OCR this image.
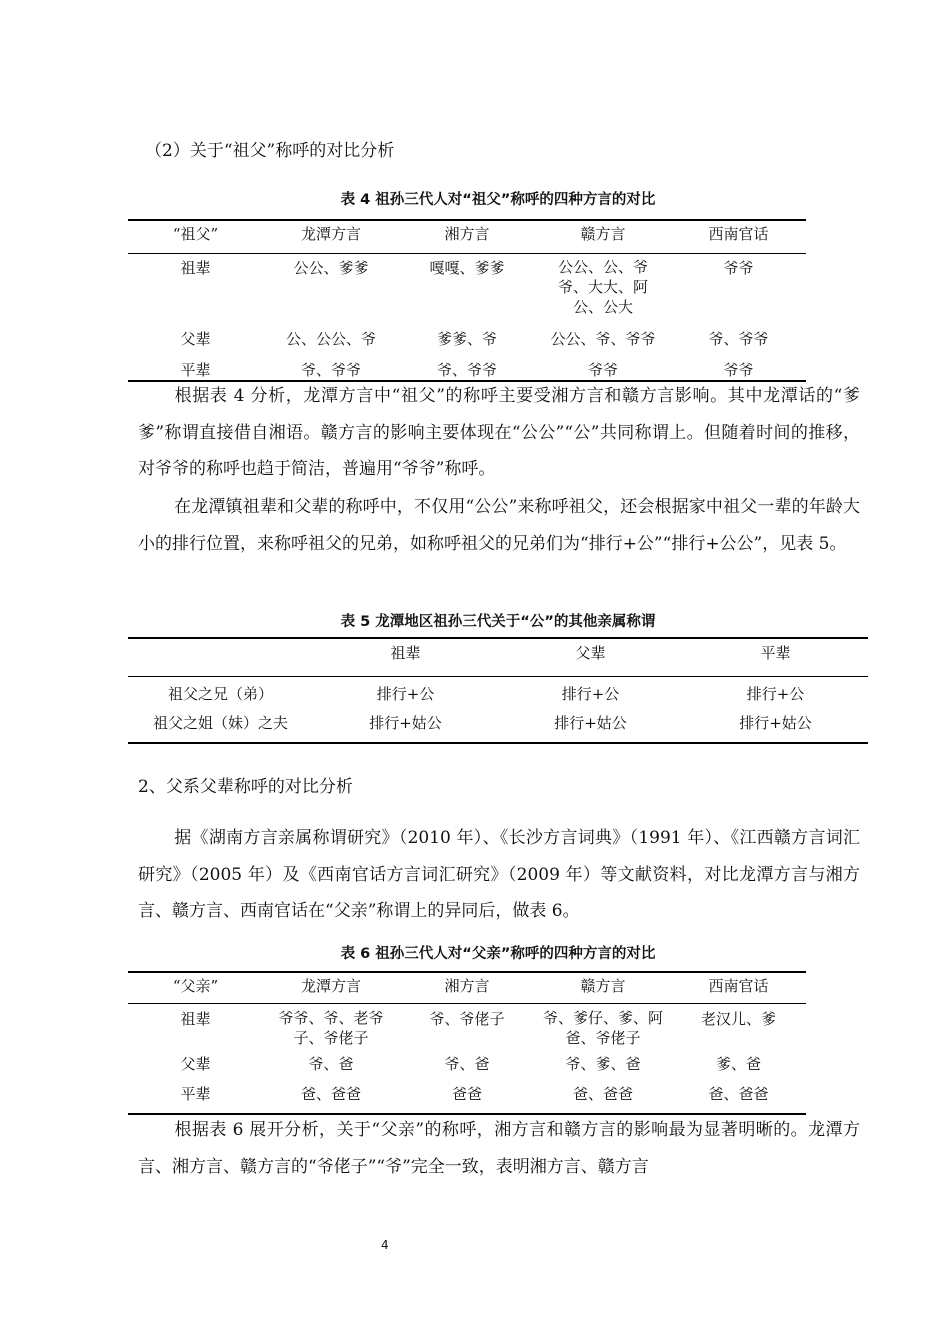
（2）关于“祖父”称呼的对比分析
表 4 祖孙三代人对“祖父”称呼的四种方言的对比
“祖父”	龙潭方言	湘方言	赣方言	西南官话
祖辈	公公、爹爹	嘎嘎、爹爹	公公、公、爷爷、大大、阿公、公大	爷爷
父辈	公、公公、爷	爹爹、爷	公公、爷、爷爷	爷、爷爷
平辈	爷、爷爷	爷、爷爷	爷爷	爷爷
根据表 4 分析，龙潭方言中“祖父”的称呼主要受湘方言和赣方言影响。其中龙潭话的“爹爹”称谓直接借自湘语。赣方言的影响主要体现在“公公”“公”共同称谓上。但随着时间的推移，对爷爷的称呼也趋于简洁，普遍用“爷爷”称呼。
在龙潭镇祖辈和父辈的称呼中，不仅用“公公”来称呼祖父，还会根据家中祖父一辈的年龄大小的排行位置，来称呼祖父的兄弟，如称呼祖父的兄弟们为“排行+公”“排行+公公”，见表 5。
表 5 龙潭地区祖孙三代关于“公”的其他亲属称谓
	祖辈	父辈	平辈
祖父之兄（弟）	排行+公	排行+公	排行+公
祖父之姐（妹）之夫	排行+姑公	排行+姑公	排行+姑公
2、父系父辈称呼的对比分析
据《湖南方言亲属称谓研究》（2010 年）、《长沙方言词典》（1991 年）、《江西赣方言词汇研究》（2005 年）及《西南官话方言词汇研究》（2009 年）等文献资料，对比龙潭方言与湘方言、赣方言、西南官话在“父亲”称谓上的异同后，做表 6。
表 6 祖孙三代人对“父亲”称呼的四种方言的对比
“父亲”	龙潭方言	湘方言	赣方言	西南官话
祖辈	爷爷、爷、老爷子、爷佬子	爷、爷佬子	爷、爹仔、爹、阿爸、爷佬子	老汉儿、爹
父辈	爷、爸	爷、爸	爷、爹、爸	爹、爸
平辈	爸、爸爸	爸爸	爸、爸爸	爸、爸爸
根据表 6 展开分析，关于“父亲”的称呼，湘方言和赣方言的影响最为显著明晰的。龙潭方言、湘方言、赣方言的“爷佬子”“爷”完全一致，表明湘方言、赣方言
4
